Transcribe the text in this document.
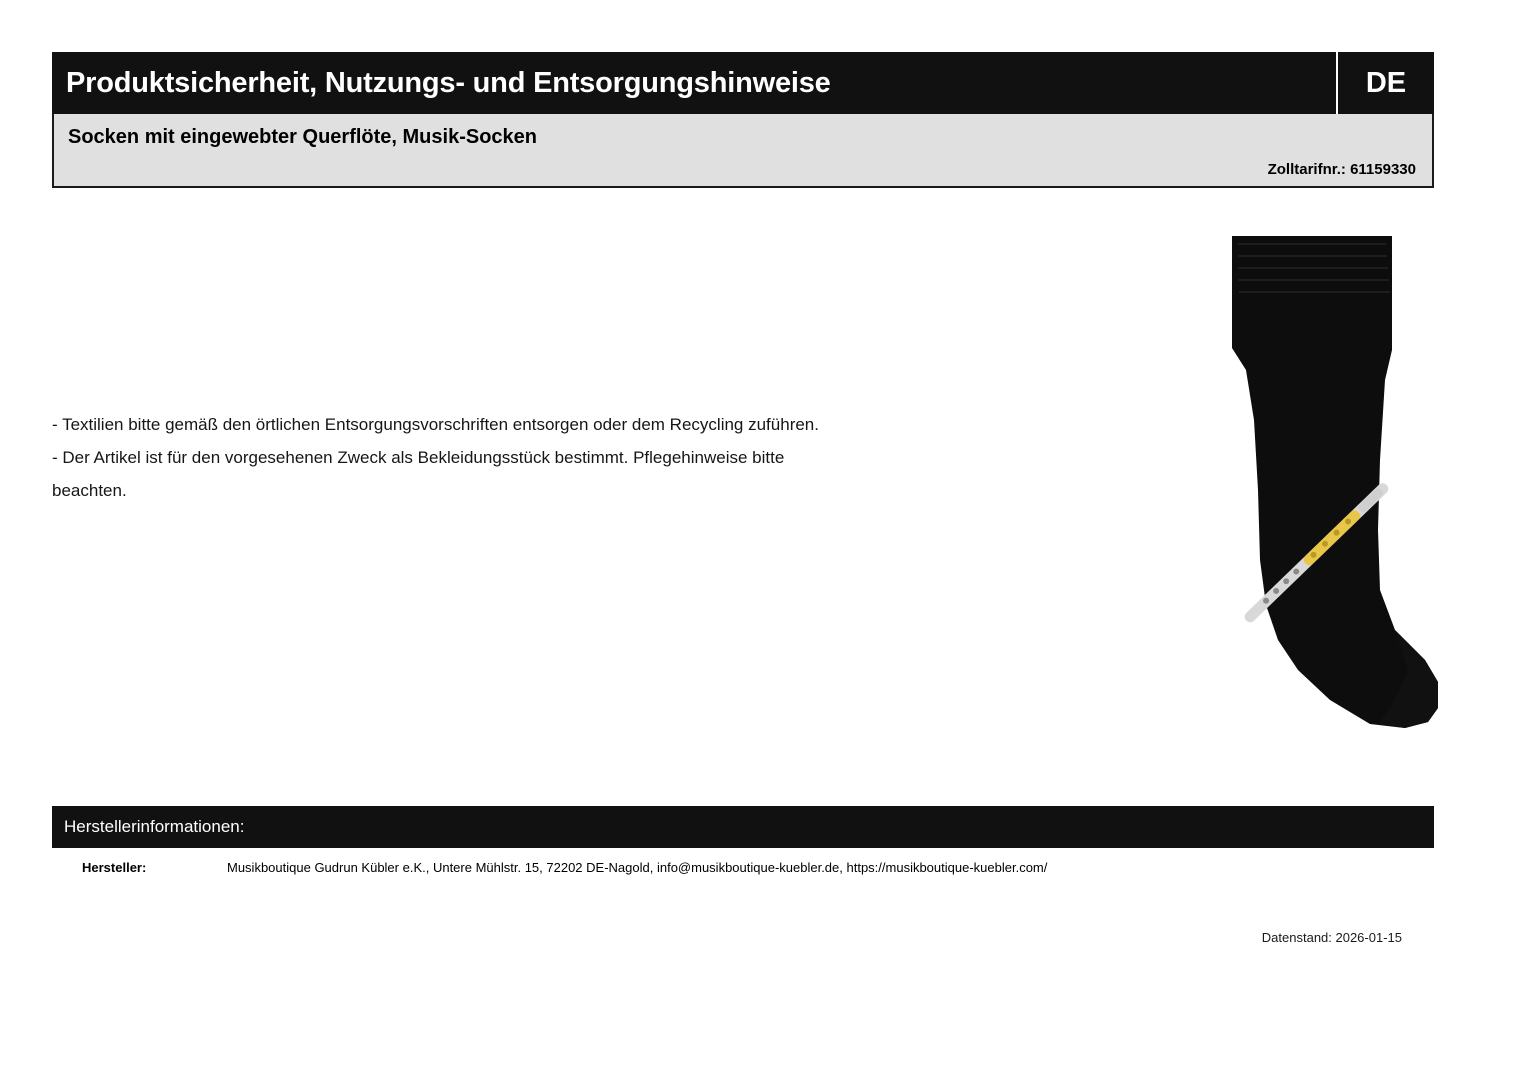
Produktsicherheit, Nutzungs- und Entsorgungshinweise	DE
Socken mit eingewebter Querflöte, Musik-Socken
Zolltarifnr.: 61159330

- Textilien bitte gemäß den örtlichen Entsorgungsvorschriften entsorgen oder dem Recycling zuführen.

- Der Artikel ist für den vorgesehenen Zweck als Bekleidungsstück bestimmt. Pflegehinweise bitte

beachten.

Herstellerinformationen:
Hersteller:	Musikboutique Gudrun Kübler e.K., Untere Mühlstr. 15, 72202 DE-Nagold, info@musikboutique-kuebler.de, https://musikboutique-kuebler.com/
Datenstand: 2026-01-15
